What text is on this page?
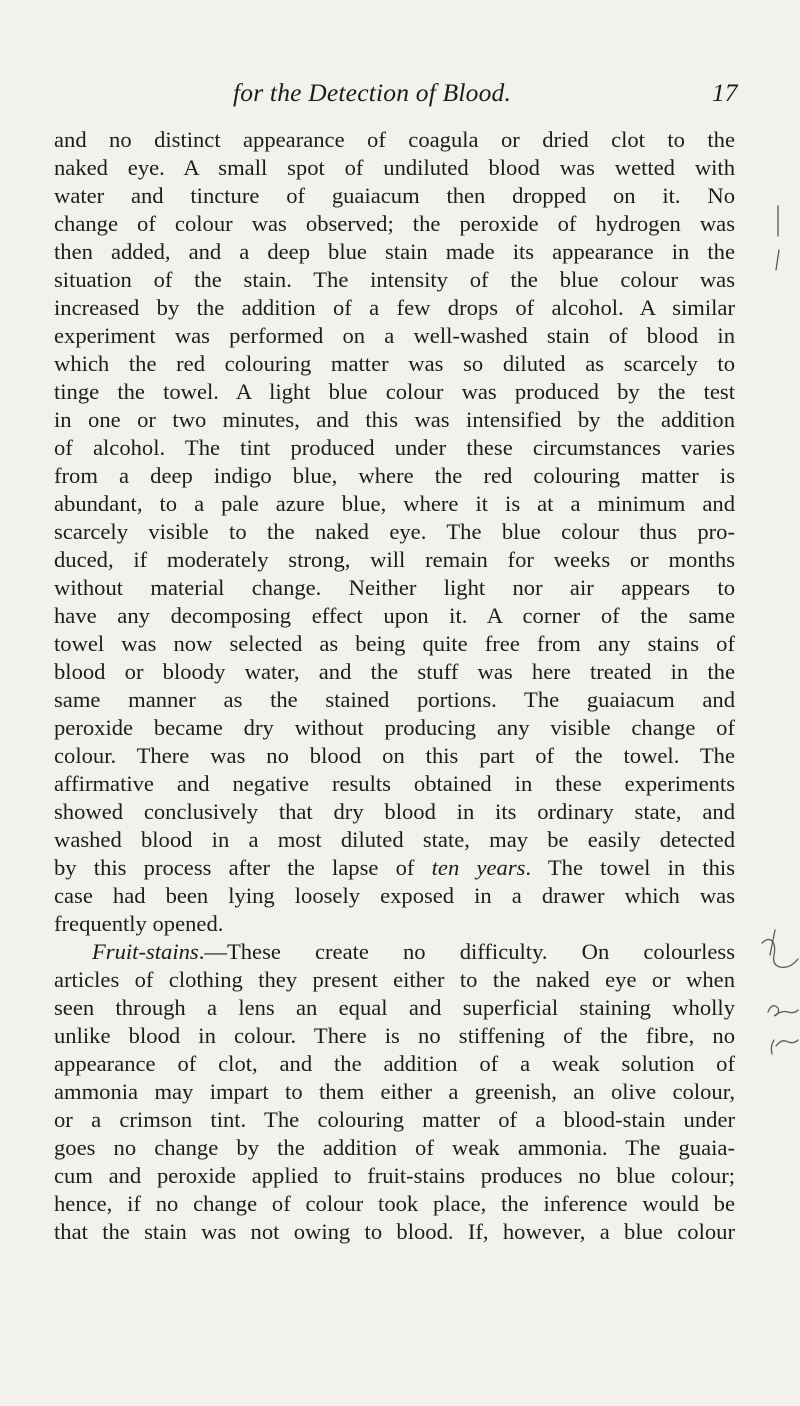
for the Detection of Blood.	17
and no distinct appearance of coagula or dried clot to the
naked eye. A small spot of undiluted blood was wetted with
water and tincture of guaiacum then dropped on it. No
change of colour was observed; the peroxide of hydrogen was
then added, and a deep blue stain made its appearance in the
situation of the stain. The intensity of the blue colour was
increased by the addition of a few drops of alcohol. A similar
experiment was performed on a well-washed stain of blood in
which the red colouring matter was so diluted as scarcely to
tinge the towel. A light blue colour was produced by the test
in one or two minutes, and this was intensified by the addition
of alcohol. The tint produced under these circumstances varies
from a deep indigo blue, where the red colouring matter is
abundant, to a pale azure blue, where it is at a minimum and
scarcely visible to the naked eye. The blue colour thus pro-
duced, if moderately strong, will remain for weeks or months
without material change. Neither light nor air appears to
have any decomposing effect upon it. A corner of the same
towel was now selected as being quite free from any stains of
blood or bloody water, and the stuff was here treated in the
same manner as the stained portions. The guaiacum and
peroxide became dry without producing any visible change of
colour. There was no blood on this part of the towel. The
affirmative and negative results obtained in these experiments
showed conclusively that dry blood in its ordinary state, and
washed blood in a most diluted state, may be easily detected
by this process after the lapse of ten years. The towel in this
case had been lying loosely exposed in a drawer which was
frequently opened.
Fruit-stains.—These create no difficulty. On colourless
articles of clothing they present either to the naked eye or when
seen through a lens an equal and superficial staining wholly
unlike blood in colour. There is no stiffening of the fibre, no
appearance of clot, and the addition of a weak solution of
ammonia may impart to them either a greenish, an olive colour,
or a crimson tint. The colouring matter of a blood-stain under
goes no change by the addition of weak ammonia. The guaia-
cum and peroxide applied to fruit-stains produces no blue colour;
hence, if no change of colour took place, the inference would be
that the stain was not owing to blood. If, however, a blue colour
